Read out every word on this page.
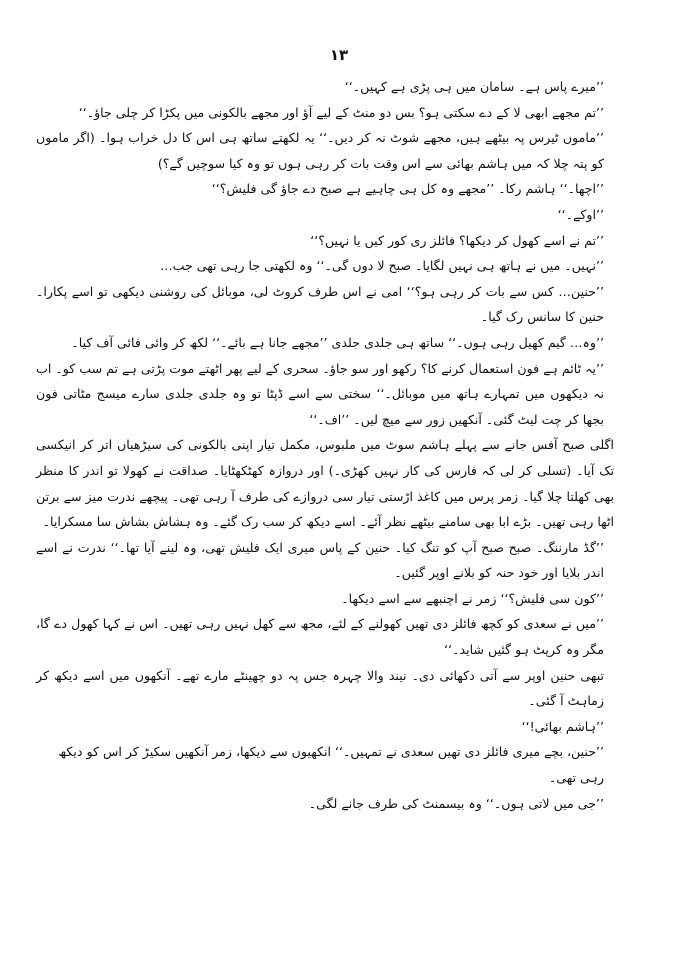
۱۳

’’میرے پاس ہے۔ سامان میں ہی پڑی ہے کہیں۔‘‘

’’تم مجھے ابھی لا کے دے سکتی ہو؟ بس دو منٹ کے لیے آؤ اور مجھے بالکونی میں پکڑا کر چلی جاؤ۔‘‘

’’ماموں ٹیرس پہ بیٹھے ہیں، مجھے شوٹ نہ کر دیں۔‘‘ یہ لکھتے ساتھ ہی اس کا دل خراب ہوا۔ (اگر ماموں کو پتہ چلا کہ میں ہاشم بھائی سے اس وقت بات کر رہی ہوں تو وہ کیا سوچیں گے؟)

’’اچھا۔‘‘ ہاشم رکا۔ ’’مجھے وہ کل ہی چاہیے ہے صبح دے جاؤ گی فلیش؟‘‘

’’اوکے۔‘‘

’’تم نے اسے کھول کر دیکھا؟ فائلز ری کور کیں یا نہیں؟‘‘

’’نہیں۔ میں نے ہاتھ ہی نہیں لگایا۔ صبح لا دوں گی۔‘‘ وہ لکھتی جا رہی تھی جب…

’’حنین… کس سے بات کر رہی ہو؟‘‘ امی نے اس طرف کروٹ لی، موبائل کی روشنی دیکھی تو اسے پکارا۔ حنین کا سانس رک گیا۔

’’وہ… گیم کھیل رہی ہوں۔‘‘ ساتھ ہی جلدی جلدی ’’مجھے جانا ہے بائے۔‘‘ لکھ کر وائی فائی آف کیا۔

’’یہ ٹائم ہے فون استعمال کرنے کا؟ رکھو اور سو جاؤ۔ سحری کے لیے پھر اٹھتے موت پڑتی ہے تم سب کو۔ اب نہ دیکھوں میں تمہارے ہاتھ میں موبائل۔‘‘ سختی سے اسے ڈپٹا تو وہ جلدی جلدی سارے میسج مٹاتی فون بجھا کر چت لیٹ گئی۔ آنکھیں زور سے میچ لیں۔ ’’اف۔‘‘

اگلی صبح آفس جانے سے پہلے ہاشم سوٹ میں ملبوس، مکمل تیار اپنی بالکونی کی سیڑھیاں اتر کر انیکسی تک آیا۔ (تسلی کر لی کہ فارس کی کار نہیں کھڑی۔) اور دروازہ کھٹکھٹایا۔ صداقت نے کھولا تو اندر کا منظر بھی کھلتا چلا گیا۔ زمر پرس میں کاغذ اڑستی تیار سی دروازے کی طرف آ رہی تھی۔ پیچھے ندرت میز سے برتن اٹھا رہی تھیں۔ بڑے ابا بھی سامنے بیٹھے نظر آئے۔ اسے دیکھ کر سب رک گئے۔ وہ ہشاش بشاش سا مسکرایا۔

’’گڈ مارننگ۔ صبح صبح آپ کو تنگ کیا۔ حنین کے پاس میری ایک فلیش تھی، وہ لینے آیا تھا۔‘‘ ندرت نے اسے اندر بلایا اور خود حنہ کو بلانے اوپر گئیں۔

’’کون سی فلیش؟‘‘ زمر نے اچنبھے سے اسے دیکھا۔

’’میں نے سعدی کو کچھ فائلز دی تھیں کھولنے کے لئے، مجھ سے کھل نہیں رہی تھیں۔ اس نے کہا کھول دے گا، مگر وہ کرپٹ ہو گئیں شاید۔‘‘

تبھی حنین اوپر سے آتی دکھائی دی۔ نیند والا چہرہ جس پہ دو چھینٹے مارے تھے۔ آنکھوں میں اسے دیکھ کر زماہٹ آ گئی۔

’’ہاشم بھائی!‘‘

’’حنین، بچے میری فائلز دی تھیں سعدی نے تمہیں۔‘‘ انکھیوں سے دیکھا، زمر آنکھیں سکیڑ کر اس کو دیکھ رہی تھی۔

’’جی میں لاتی ہوں۔‘‘ وہ بیسمنٹ کی طرف جانے لگی۔
